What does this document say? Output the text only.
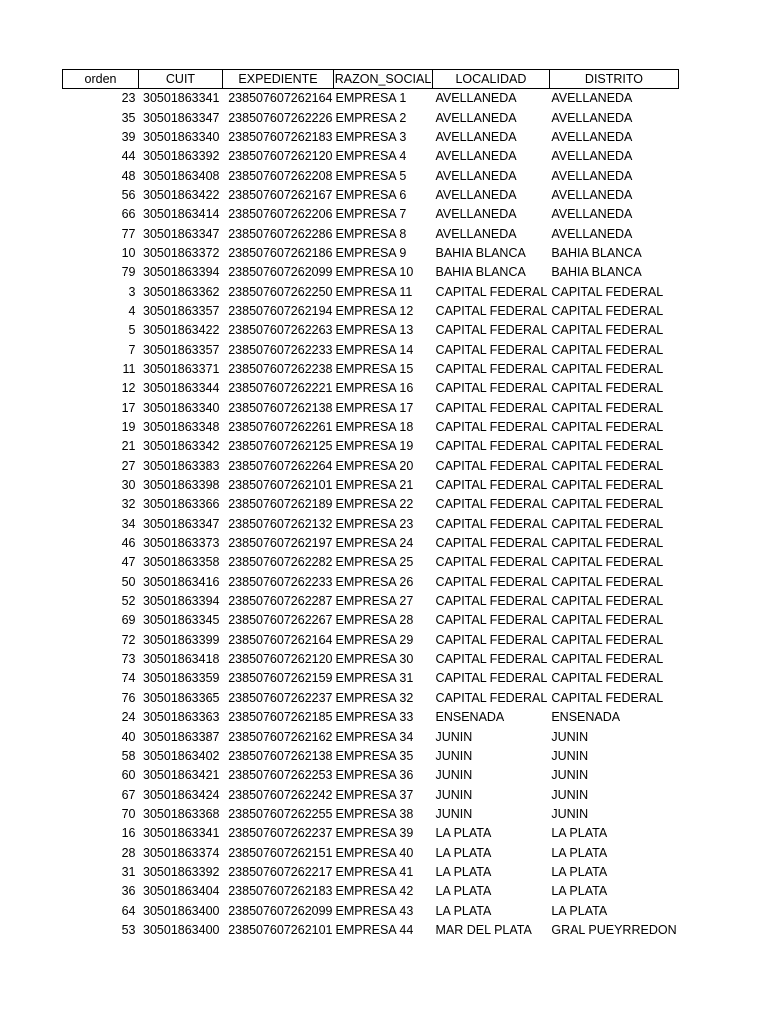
orden	CUIT	EXPEDIENTE	RAZON_SOCIAL	LOCALIDAD	DISTRITO
23	30501863341	238507607262164	EMPRESA 1	AVELLANEDA	AVELLANEDA
35	30501863347	238507607262226	EMPRESA 2	AVELLANEDA	AVELLANEDA
39	30501863340	238507607262183	EMPRESA 3	AVELLANEDA	AVELLANEDA
44	30501863392	238507607262120	EMPRESA 4	AVELLANEDA	AVELLANEDA
48	30501863408	238507607262208	EMPRESA 5	AVELLANEDA	AVELLANEDA
56	30501863422	238507607262167	EMPRESA 6	AVELLANEDA	AVELLANEDA
66	30501863414	238507607262206	EMPRESA 7	AVELLANEDA	AVELLANEDA
77	30501863347	238507607262286	EMPRESA 8	AVELLANEDA	AVELLANEDA
10	30501863372	238507607262186	EMPRESA 9	BAHIA BLANCA	BAHIA BLANCA
79	30501863394	238507607262099	EMPRESA 10	BAHIA BLANCA	BAHIA BLANCA
3	30501863362	238507607262250	EMPRESA 11	CAPITAL FEDERAL	CAPITAL FEDERAL
4	30501863357	238507607262194	EMPRESA 12	CAPITAL FEDERAL	CAPITAL FEDERAL
5	30501863422	238507607262263	EMPRESA 13	CAPITAL FEDERAL	CAPITAL FEDERAL
7	30501863357	238507607262233	EMPRESA 14	CAPITAL FEDERAL	CAPITAL FEDERAL
11	30501863371	238507607262238	EMPRESA 15	CAPITAL FEDERAL	CAPITAL FEDERAL
12	30501863344	238507607262221	EMPRESA 16	CAPITAL FEDERAL	CAPITAL FEDERAL
17	30501863340	238507607262138	EMPRESA 17	CAPITAL FEDERAL	CAPITAL FEDERAL
19	30501863348	238507607262261	EMPRESA 18	CAPITAL FEDERAL	CAPITAL FEDERAL
21	30501863342	238507607262125	EMPRESA 19	CAPITAL FEDERAL	CAPITAL FEDERAL
27	30501863383	238507607262264	EMPRESA 20	CAPITAL FEDERAL	CAPITAL FEDERAL
30	30501863398	238507607262101	EMPRESA 21	CAPITAL FEDERAL	CAPITAL FEDERAL
32	30501863366	238507607262189	EMPRESA 22	CAPITAL FEDERAL	CAPITAL FEDERAL
34	30501863347	238507607262132	EMPRESA 23	CAPITAL FEDERAL	CAPITAL FEDERAL
46	30501863373	238507607262197	EMPRESA 24	CAPITAL FEDERAL	CAPITAL FEDERAL
47	30501863358	238507607262282	EMPRESA 25	CAPITAL FEDERAL	CAPITAL FEDERAL
50	30501863416	238507607262233	EMPRESA 26	CAPITAL FEDERAL	CAPITAL FEDERAL
52	30501863394	238507607262287	EMPRESA 27	CAPITAL FEDERAL	CAPITAL FEDERAL
69	30501863345	238507607262267	EMPRESA 28	CAPITAL FEDERAL	CAPITAL FEDERAL
72	30501863399	238507607262164	EMPRESA 29	CAPITAL FEDERAL	CAPITAL FEDERAL
73	30501863418	238507607262120	EMPRESA 30	CAPITAL FEDERAL	CAPITAL FEDERAL
74	30501863359	238507607262159	EMPRESA 31	CAPITAL FEDERAL	CAPITAL FEDERAL
76	30501863365	238507607262237	EMPRESA 32	CAPITAL FEDERAL	CAPITAL FEDERAL
24	30501863363	238507607262185	EMPRESA 33	ENSENADA	ENSENADA
40	30501863387	238507607262162	EMPRESA 34	JUNIN	JUNIN
58	30501863402	238507607262138	EMPRESA 35	JUNIN	JUNIN
60	30501863421	238507607262253	EMPRESA 36	JUNIN	JUNIN
67	30501863424	238507607262242	EMPRESA 37	JUNIN	JUNIN
70	30501863368	238507607262255	EMPRESA 38	JUNIN	JUNIN
16	30501863341	238507607262237	EMPRESA 39	LA PLATA	LA PLATA
28	30501863374	238507607262151	EMPRESA 40	LA PLATA	LA PLATA
31	30501863392	238507607262217	EMPRESA 41	LA PLATA	LA PLATA
36	30501863404	238507607262183	EMPRESA 42	LA PLATA	LA PLATA
64	30501863400	238507607262099	EMPRESA 43	LA PLATA	LA PLATA
53	30501863400	238507607262101	EMPRESA 44	MAR DEL PLATA	GRAL PUEYRREDON
